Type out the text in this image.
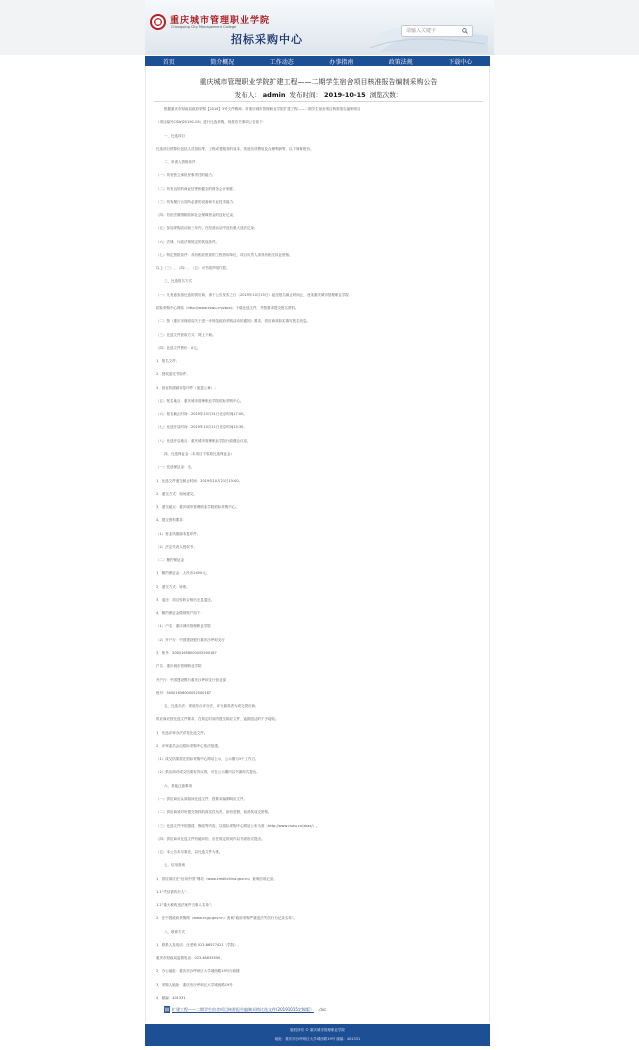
重庆城市管理职业学院
Chongqing City Management College
招标采购中心
请输入关键字
首页	简介概况	工作动态	办事指南	政策法规	下载中心
重庆城市管理职业学院扩建工程——二期学生宿舍项目核准报告编制采购公告
发布人： admin 发布时间： 2019-10-15 浏览次数：
根据重庆市财政局政府采购【2019】3号文件精神，对重庆城市管理职业学院扩建工程——二期学生宿舍项目核准报告编制项目
（项目编号CSWJ2019C-05）进行比选采购，现将有关事项公告如下：
一、比选项目
比选项目预算价包括人员投标等，工程或者服务的成本、其他各项费用及合理利润等，以下简称报价。
二、申请人资格条件
（一）具有独立承担民事责任的能力；
（二）具有良好的商业信誉和健全的财务会计制度；
（三）具有履行合同所必需的设备和专业技术能力；
（四）有依法缴纳税收和社会保障资金的良好记录；
（五）参加采购活动前三年内，在经营活动中没有重大违法记录；
（六）法律、行政法规规定的其他条件。
（七）特定资格条件：具有相应资质的工程咨询单位，项目负责人须具有相关执业资格。
以上（三）、（四）、（五）可书面声明代替。
三、比选报名方式
（一）凡有意参加比选的供应商，请于公告发布之日（2019年10月15日）起至报名截止时间止，登录重庆城市管理职业学院
招标采购中心网站（http://www.cswu.cn/zbzx/）下载比选文件，并按要求提交报名资料。
（二）按《重庆市财政局关于进一步规范政府采购活动的通知》要求，供应商须如实填写报名信息。
（三）比选文件获取方式：网上下载。
（四）比选文件售价：0元。
1．报名文件；
2．授权委托书原件；
3．营业执照副本复印件（加盖公章）；
（五）报名地点：重庆城市管理职业学院招标采购中心。
（六）报名截止时间：2019年10月21日北京时间17:00。
（七）比选开启时间：2019年10月21日北京时间15:30。
（八）比选开启地点：重庆城市管理职业学院行政楼会议室。
四、比选保证金（本项目不收取比选保证金）
（一）比选保证金：无。
1．比选文件递交截止时间：2019年10月21日15:00。
2．递交方式：现场递交。
3．递交地点：重庆城市管理职业学院招标采购中心。
4．提交资料要求：
（1）营业执照副本复印件；
（2）法定代表人授权书；
（二）履约保证金
1．履约保证金：人民币2400元。
2．递交方式：转账。
3．退还：项目验收合格后无息退还。
4．履约保证金缴纳账户如下：
（1）户名：重庆城市管理职业学院
（2）开户行：中国建设银行重庆沙坪坝支行
3．账号：50001656000052500187
户名：重庆城市管理职业学院
开户行：中国建设银行重庆沙坪坝支行营业部
账号：50001656000052500187
五、比选办法：采用综合评分法，评分最高者为成交供应商。
供应商应按比选文件要求，在规定时间内提交响应文件，逾期送达的不予接收。
1．比选评审办法详见比选文件。
2．评审委员会由招标采购中心依法组建。
（1）成交结果将在招标采购中心网站公示，公示期为3个工作日。
（2）供应商对成交结果有异议的，可在公示期内以书面形式提出。
六、其他注意事项
（一）供应商应认真阅读比选文件，按要求编制响应文件。
（二）供应商须对所提交资料的真实性负责，如有虚假，取消其成交资格。
（三）比选文件中的澄清、修改等内容，以招标采购中心网站公布为准（http://www.cswu.cn/zbzx/）。
（四）供应商对比选文件有疑问的，应在规定时间内以书面形式提出。
（五）本公告未尽事宜，以比选文件为准。
七、信用查询
1．供应商应在“信用中国”网站（www.creditchina.gov.cn）查询信用记录。
1.1“失信被执行人”；
1.2“重大税收违法案件当事人名单”；
2．在中国政府采购网（www.ccgp.gov.cn）查询“政府采购严重违法失信行为记录名单”。
八、联系方式
1．联系人及电话：汪老师 023-86577421（学院）；
重庆市财政局监督电话：023-65635550；
2．办公地址：重庆市沙坪坝区大学城西路19号行政楼
3．采购人地址：重庆市沙坪坝区大学城西路19号
4．邮编：401331
W 扩建工程——二期学生宿舍项目核准报告编制采购比选文件(20191015定稿版） .doc
版权所有 © 重庆城市管理职业学院
地址：重庆市沙坪坝区大学城西路19号 邮编：401331
